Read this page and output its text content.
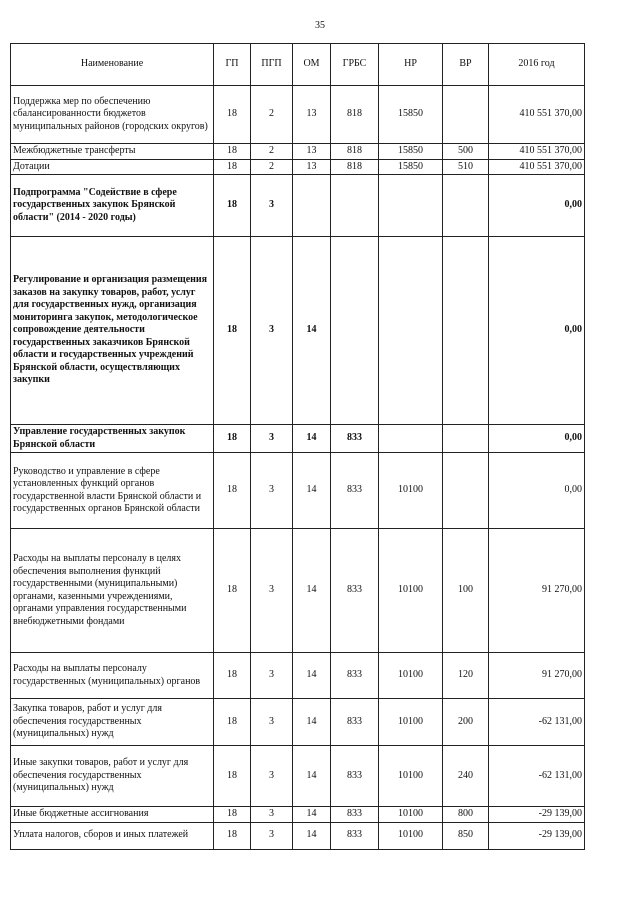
35
Наименование	ГП	ПГП	ОМ	ГРБС	НР	ВР	2016 год
Поддержка мер по обеспечению сбалансированности бюджетов муниципальных районов (городских округов)	18	2	13	818	15850		410 551 370,00
Межбюджетные трансферты	18	2	13	818	15850	500	410 551 370,00
Дотации	18	2	13	818	15850	510	410 551 370,00
Подпрограмма "Содействие в сфере государственных закупок Брянской области" (2014 - 2020 годы)	18	3					0,00
Регулирование и организация размещения заказов на закупку товаров, работ, услуг для государственных нужд, организация мониторинга закупок, методологическое сопровождение деятельности государственных заказчиков Брянской области и государственных учреждений Брянской области, осуществляющих закупки	18	3	14				0,00
Управление государственных закупок Брянской области	18	3	14	833			0,00
Руководство и управление в сфере установленных функций органов государственной власти Брянской области и государственных органов Брянской области	18	3	14	833	10100		0,00
Расходы на выплаты персоналу в целях обеспечения выполнения функций государственными (муниципальными) органами, казенными учреждениями, органами управления государственными внебюджетными фондами	18	3	14	833	10100	100	91 270,00
Расходы на выплаты персоналу государственных (муниципальных) органов	18	3	14	833	10100	120	91 270,00
Закупка товаров, работ и услуг для обеспечения государственных (муниципальных) нужд	18	3	14	833	10100	200	-62 131,00
Иные закупки товаров, работ и услуг для обеспечения государственных (муниципальных) нужд	18	3	14	833	10100	240	-62 131,00
Иные бюджетные ассигнования	18	3	14	833	10100	800	-29 139,00
Уплата налогов, сборов и иных платежей	18	3	14	833	10100	850	-29 139,00
